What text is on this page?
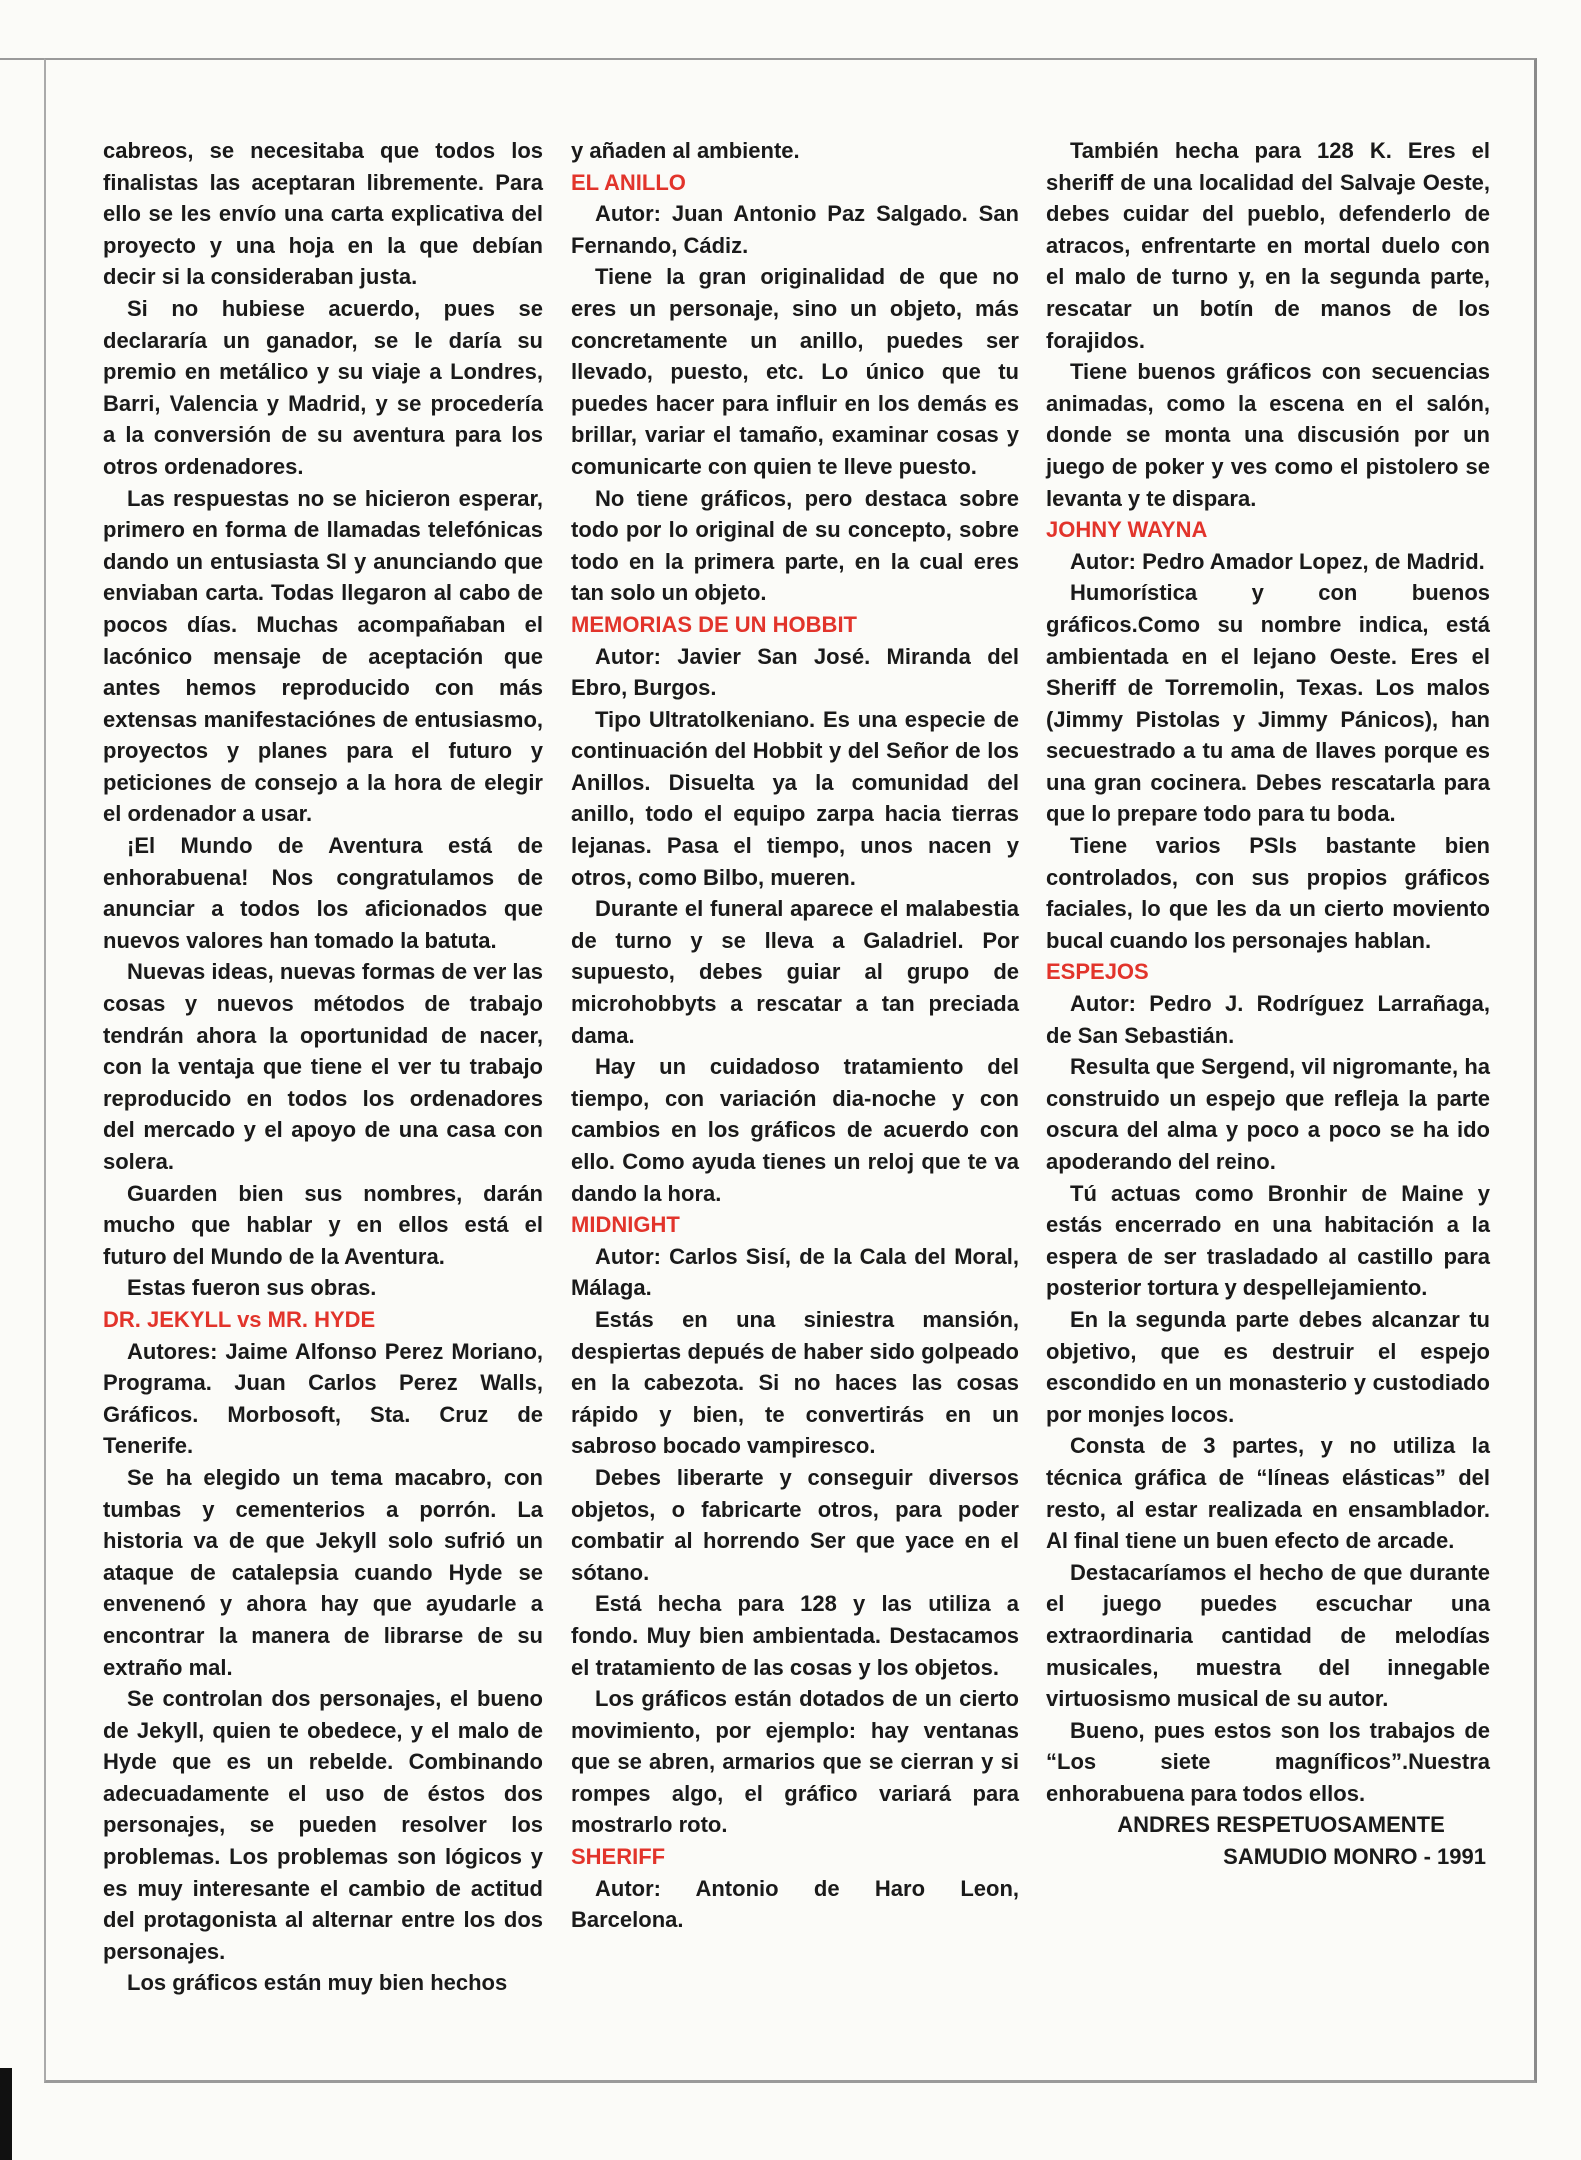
cabreos, se necesitaba que todos los finalistas las aceptaran libremente. Para ello se les envío una carta explicativa del proyecto y una hoja en la que debían decir si la consideraban justa.

Si no hubiese acuerdo, pues se declararía un ganador, se le daría su premio en metálico y su viaje a Londres, Barri, Valencia y Madrid, y se procedería a la conversión de su aventura para los otros ordenadores.

Las respuestas no se hicieron esperar, primero en forma de llamadas telefónicas dando un entusiasta SI y anunciando que enviaban carta. Todas llegaron al cabo de pocos días. Muchas acompañaban el lacónico mensaje de aceptación que antes hemos reproducido con más extensas manifestaciónes de entusiasmo, proyectos y planes para el futuro y peticiones de consejo a la hora de elegir el ordenador a usar.

¡El Mundo de Aventura está de enhorabuena! Nos congratulamos de anunciar a todos los aficionados que nuevos valores han tomado la batuta.

Nuevas ideas, nuevas formas de ver las cosas y nuevos métodos de trabajo tendrán ahora la oportunidad de nacer, con la ventaja que tiene el ver tu trabajo reproducido en todos los ordenadores del mercado y el apoyo de una casa con solera.

Guarden bien sus nombres, darán mucho que hablar y en ellos está el futuro del Mundo de la Aventura.

Estas fueron sus obras.

DR. JEKYLL vs MR. HYDE

Autores: Jaime Alfonso Perez Moriano, Programa. Juan Carlos Perez Walls, Gráficos. Morbosoft, Sta. Cruz de Tenerife.

Se ha elegido un tema macabro, con tumbas y cementerios a porrón. La historia va de que Jekyll solo sufrió un ataque de catalepsia cuando Hyde se envenenó y ahora hay que ayudarle a encontrar la manera de librarse de su extraño mal.

Se controlan dos personajes, el bueno de Jekyll, quien te obedece, y el malo de Hyde que es un rebelde. Combinando adecuadamente el uso de éstos dos personajes, se pueden resolver los problemas. Los problemas son lógicos y es muy interesante el cambio de actitud del protagonista al alternar entre los dos personajes.

Los gráficos están muy bien hechos

y añaden al ambiente.

EL ANILLO

Autor: Juan Antonio Paz Salgado. San Fernando, Cádiz.

Tiene la gran originalidad de que no eres un personaje, sino un objeto, más concretamente un anillo, puedes ser llevado, puesto, etc. Lo único que tu puedes hacer para influir en los demás es brillar, variar el tamaño, examinar cosas y comunicarte con quien te lleve puesto.

No tiene gráficos, pero destaca sobre todo por lo original de su concepto, sobre todo en la primera parte, en la cual eres tan solo un objeto.

MEMORIAS DE UN HOBBIT

Autor: Javier San José. Miranda del Ebro, Burgos.

Tipo Ultratolkeniano. Es una especie de continuación del Hobbit y del Señor de los Anillos. Disuelta ya la comunidad del anillo, todo el equipo zarpa hacia tierras lejanas. Pasa el tiempo, unos nacen y otros, como Bilbo, mueren.

Durante el funeral aparece el malabestia de turno y se lleva a Galadriel. Por supuesto, debes guiar al grupo de microhobbyts a rescatar a tan preciada dama.

Hay un cuidadoso tratamiento del tiempo, con variación dia-noche y con cambios en los gráficos de acuerdo con ello. Como ayuda tienes un reloj que te va dando la hora.

MIDNIGHT

Autor: Carlos Sisí, de la Cala del Moral, Málaga.

Estás en una siniestra mansión, despiertas depués de haber sido golpeado en la cabezota. Si no haces las cosas rápido y bien, te convertirás en un sabroso bocado vampiresco.

Debes liberarte y conseguir diversos objetos, o fabricarte otros, para poder combatir al horrendo Ser que yace en el sótano.

Está hecha para 128 y las utiliza a fondo. Muy bien ambientada. Destacamos el tratamiento de las cosas y los objetos.

Los gráficos están dotados de un cierto movimiento, por ejemplo: hay ventanas que se abren, armarios que se cierran y si rompes algo, el gráfico variará para mostrarlo roto.

SHERIFF

Autor: Antonio de Haro Leon, Barcelona.

También hecha para 128 K. Eres el sheriff de una localidad del Salvaje Oeste, debes cuidar del pueblo, defenderlo de atracos, enfrentarte en mortal duelo con el malo de turno y, en la segunda parte, rescatar un botín de manos de los forajidos.

Tiene buenos gráficos con secuencias animadas, como la escena en el salón, donde se monta una discusión por un juego de poker y ves como el pistolero se levanta y te dispara.

JOHNY WAYNA

Autor: Pedro Amador Lopez, de Madrid.

Humorística y con buenos gráficos.Como su nombre indica, está ambientada en el lejano Oeste. Eres el Sheriff de Torremolin, Texas. Los malos (Jimmy Pistolas y Jimmy Pánicos), han secuestrado a tu ama de llaves porque es una gran cocinera. Debes rescatarla para que lo prepare todo para tu boda.

Tiene varios PSIs bastante bien controlados, con sus propios gráficos faciales, lo que les da un cierto moviento bucal cuando los personajes hablan.

ESPEJOS

Autor: Pedro J. Rodríguez Larrañaga, de San Sebastián.

Resulta que Sergend, vil nigromante, ha construido un espejo que refleja la parte oscura del alma y poco a poco se ha ido apoderando del reino.

Tú actuas como Bronhir de Maine y estás encerrado en una habitación a la espera de ser trasladado al castillo para posterior tortura y despellejamiento.

En la segunda parte debes alcanzar tu objetivo, que es destruir el espejo escondido en un monasterio y custodiado por monjes locos.

Consta de 3 partes, y no utiliza la técnica gráfica de “líneas elásticas” del resto, al estar realizada en ensamblador. Al final tiene un buen efecto de arcade.

Destacaríamos el hecho de que durante el juego puedes escuchar una extraordinaria cantidad de melodías musicales, muestra del innegable virtuosismo musical de su autor.

Bueno, pues estos son los trabajos de “Los siete magníficos”.Nuestra enhorabuena para todos ellos.

ANDRES RESPETUOSAMENTE

SAMUDIO MONRO - 1991
